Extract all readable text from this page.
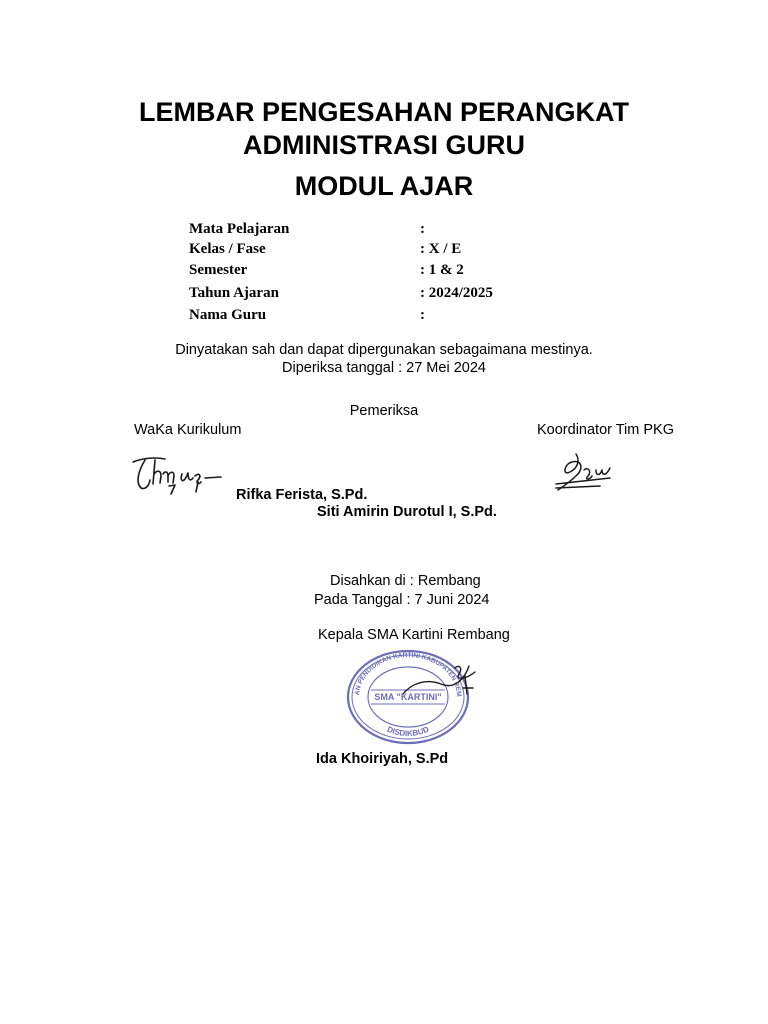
LEMBAR PENGESAHAN PERANGKAT
ADMINISTRASI GURU
MODUL AJAR
Mata Pelajaran	:
Kelas / Fase	: X / E
Semester	: 1 & 2
Tahun Ajaran	: 2024/2025
Nama Guru	:
Dinyatakan sah dan dapat dipergunakan sebagaimana mestinya.
Diperiksa tanggal : 27 Mei 2024
Pemeriksa
WaKa Kurikulum	Koordinator Tim PKG
Rifka Ferista, S.Pd.
Siti Amirin Durotul I, S.Pd.
Disahkan di : Rembang
Pada Tanggal : 7 Juni 2024
Kepala SMA Kartini Rembang
YAYASAN PENDIDIKAN KARTINI KABUPATEN REMBANG
SMA "KARTINI"
DISDIKBUD
Ida Khoiriyah, S.Pd
